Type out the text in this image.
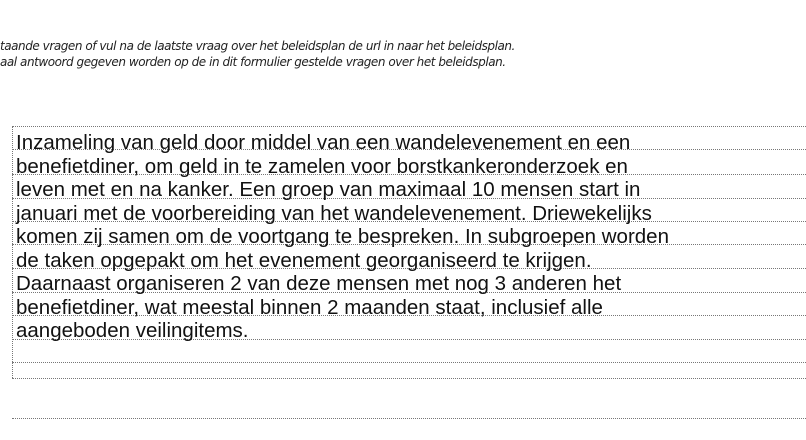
taande vragen of vul na de laatste vraag over het beleidsplan de url in naar het beleidsplan.
aal antwoord gegeven worden op de in dit formulier gestelde vragen over het beleidsplan.
Inzameling van geld door middel van een wandelevenement en een
benefietdiner, om geld in te zamelen voor borstkankeronderzoek en
leven met en na kanker. Een groep van maximaal 10 mensen start in
januari met de voorbereiding van het wandelevenement. Driewekelijks
komen zij samen om de voortgang te bespreken. In subgroepen worden
de taken opgepakt om het evenement georganiseerd te krijgen.
Daarnaast organiseren 2 van deze mensen met nog 3 anderen het
benefietdiner, wat meestal binnen 2 maanden staat, inclusief alle
aangeboden veilingitems.
